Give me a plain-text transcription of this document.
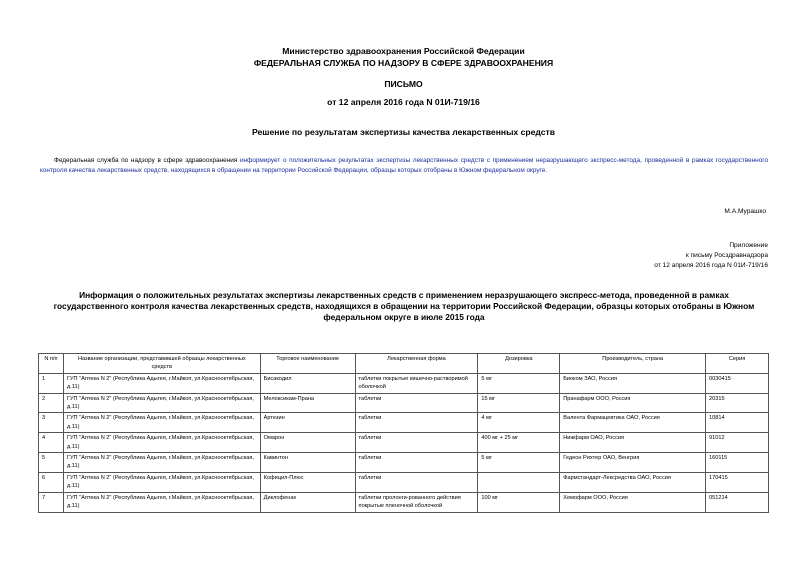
Министерство здравоохранения Российской Федерации
ФЕДЕРАЛЬНАЯ СЛУЖБА ПО НАДЗОРУ В СФЕРЕ ЗДРАВООХРАНЕНИЯ
ПИСЬМО
от 12 апреля 2016 года N 01И-719/16
Решение по результатам экспертизы качества лекарственных средств
Федеральная служба по надзору в сфере здравоохранения информирует о положительных результатах экспертизы лекарственных средств с применением неразрушающего экспресс-метода, проведенной в рамках государственного контроля качества лекарственных средств, находящихся в обращении на территории Российской Федерации, образцы которых отобраны в Южном федеральном округе.
М.А.Мурашко
Приложение
к письму Росздравнадзора
от 12 апреля 2016 года N 01И-719/16
Информация о положительных результатах экспертизы лекарственных средств с применением неразрушающего экспресс-метода, проведенной в рамках государственного контроля качества лекарственных средств, находящихся в обращении на территории Российской Федерации, образцы которых отобраны в Южном федеральном округе в июле 2015 года
N п/п	Название организации, представившей образцы лекарственных средств	Торговое наименование	Лекарственная форма	Дозировка	Производитель, страна	Серия
1	ГУП "Аптека N 2" (Республика Адыгея, г.Майкоп, ул.Краснооктябрьская, д.11)	Бисакодил	таблетки покрытые кишечно-растворимой оболочкой	5 мг	Биоком ЗАО, Россия	0030415
2	ГУП "Аптека N 2" (Республика Адыгея, г.Майкоп, ул.Краснооктябрьская, д.11)	Мелоксикам-Прана	таблетки	15 мг	Пранафарм ООО, Россия	20315
3	ГУП "Аптека N 2" (Республика Адыгея, г.Майкоп, ул.Краснооктябрьская, д.11)	Артезин	таблетки	4 мг	Валента Фармацевтика ОАО, Россия	10814
4	ГУП "Аптека N 2" (Республика Адыгея, г.Майкоп, ул.Краснооктябрьская, д.11)	Омарон	таблетки	400 мг + 25 мг	Нижфарм ОАО, Россия	91012
5	ГУП "Аптека N 2" (Республика Адыгея, г.Майкоп, ул.Краснооктябрьская, д.11)	Кавинтон	таблетки	5 мг	Гедеон Рихтер ОАО, Венгрия	160115
6	ГУП "Аптека N 2" (Республика Адыгея, г.Майкоп, ул.Краснооктябрьская, д.11)	Кофицил-Плюс	таблетки		Фармстандарт-Лексредства ОАО, Россия	170415
7	ГУП "Аптека N 2" (Республика Адыгея, г.Майкоп, ул.Краснооктябрьская, д.11)	Диклофенак	таблетки пролонги-рованного действия покрытые пленочной оболочкой	100 мг	Хемофарм ООО, Россия	051214
